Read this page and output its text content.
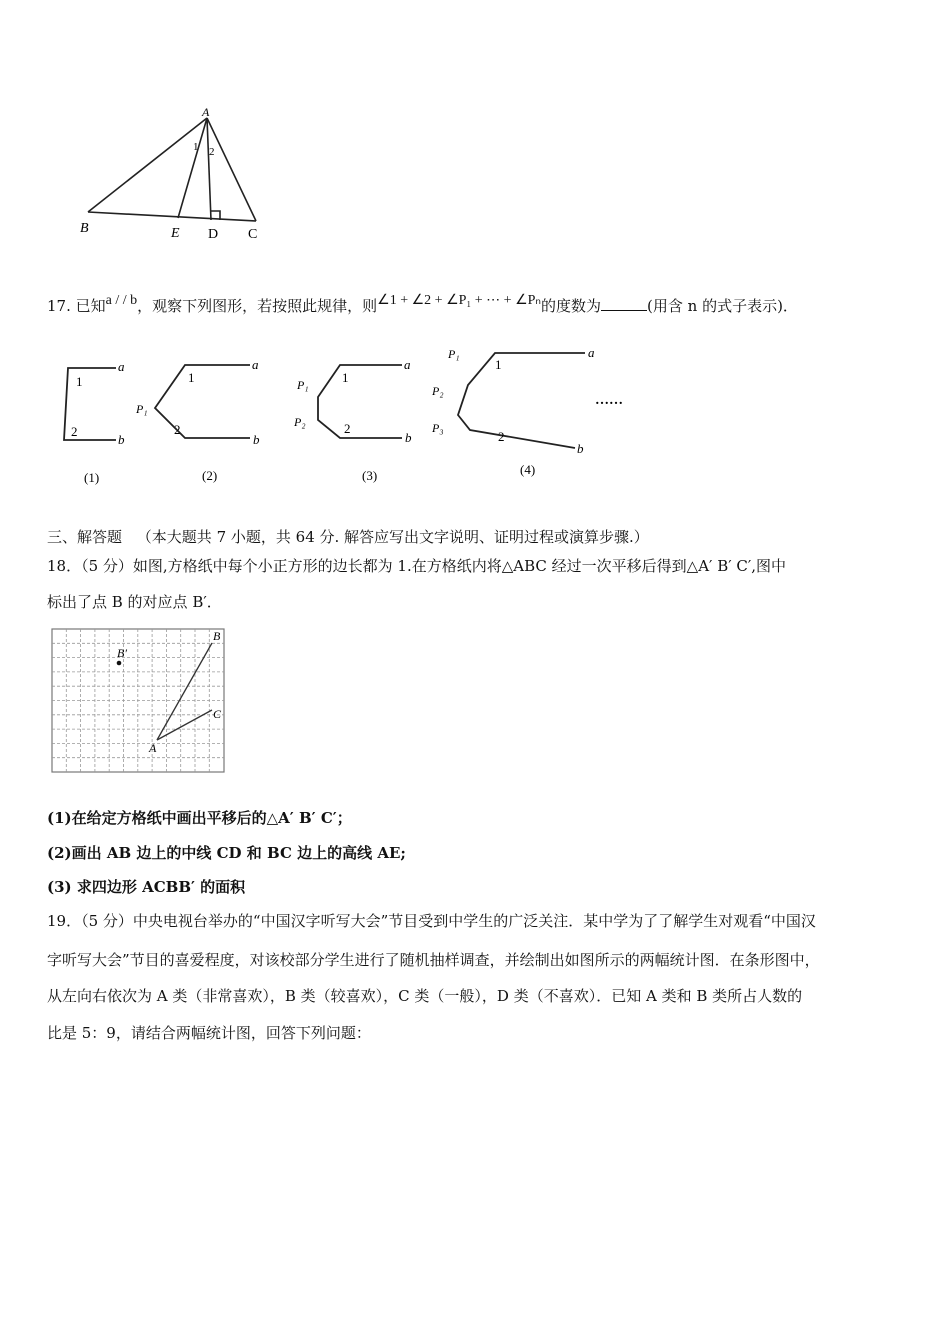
A
B	E D C
1 2
17. 已知a / / b，观察下列图形，若按照此规律，则∠1 + ∠2 + ∠P₁ + ⋯ + ∠Pₙ的度数为	(用含 n 的式子表示)．
a
b
1
2
(1)
a
b
1
2
P₁
(2)
a
b
1
2
P₁
P₂
(3)
a
b
1
2
P₁
P₂
P₃
(4)
……
三、解答题 （本大题共 7 小题，共 64 分. 解答应写出文字说明、证明过程或演算步骤.）
18．（5 分）如图,方格纸中每个小正方形的边长都为 1.在方格纸内将△ABC 经过一次平移后得到△A′ B′ C′,图中
标出了点 B 的对应点 B′．
B
B′
C
A
(1)在给定方格纸中画出平移后的△A′ B′ C′；
(2)画出 AB 边上的中线 CD 和 BC 边上的高线 AE;
(3) 求四边形 ACBB′ 的面积
19．（5 分）中央电视台举办的“中国汉字听写大会”节目受到中学生的广泛关注．某中学为了了解学生对观看“中国汉
字听写大会”节目的喜爱程度，对该校部分学生进行了随机抽样调查，并绘制出如图所示的两幅统计图．在条形图中，
从左向右依次为 A 类（非常喜欢），B 类（较喜欢），C 类（一般），D 类（不喜欢）．已知 A 类和 B 类所占人数的
比是 5：9，请结合两幅统计图，回答下列问题：
